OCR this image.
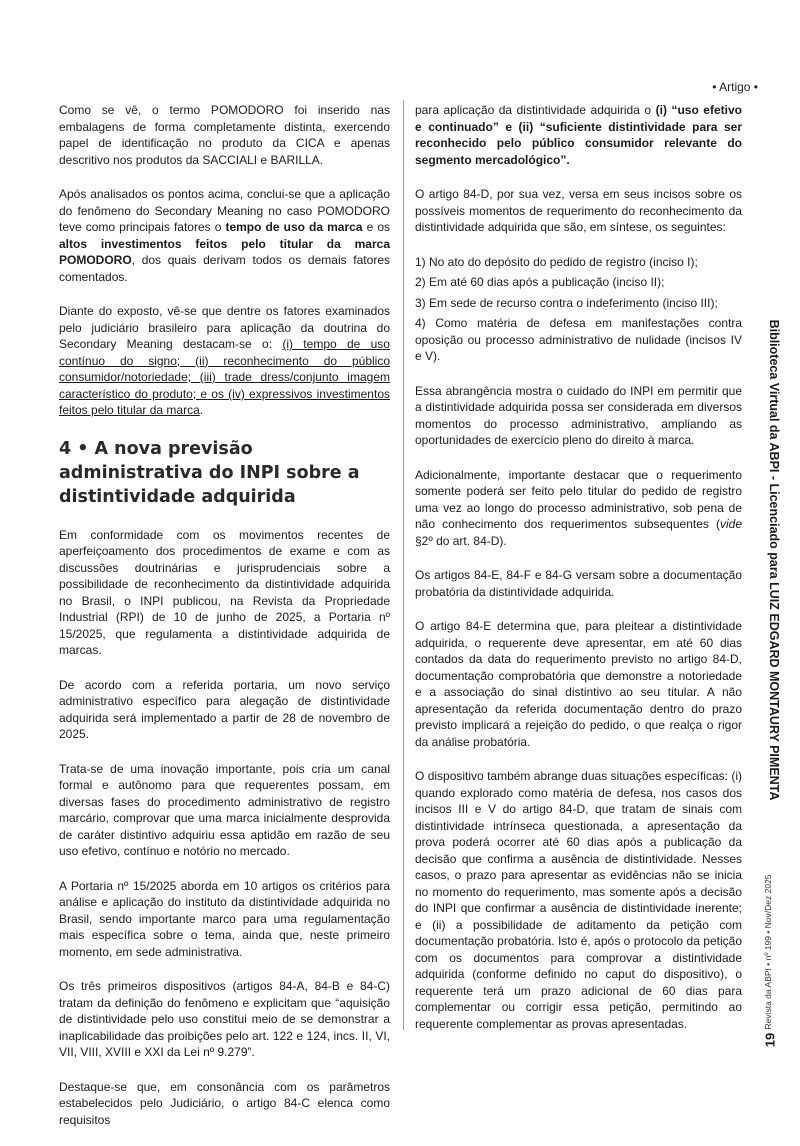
• Artigo •

Como se vê, o termo POMODORO foi inserido nas embalagens de forma completamente distinta, exercendo papel de identificação no produto da CICA e apenas descritivo nos produtos da SACCIALI e BARILLA.

Após analisados os pontos acima, conclui-se que a aplicação do fenômeno do Secondary Meaning no caso POMODORO teve como principais fatores o tempo de uso da marca e os altos investimentos feitos pelo titular da marca POMODORO, dos quais derivam todos os demais fatores comentados.

Diante do exposto, vê-se que dentre os fatores examinados pelo judiciário brasileiro para aplicação da doutrina do Secondary Meaning destacam-se o: (i) tempo de uso contínuo do signo; (ii) reconhecimento do público consumidor/notoriedade; (iii) trade dress/conjunto imagem característico do produto; e os (iv) expressivos investimentos feitos pelo titular da marca.

4 • A nova previsão administrativa do INPI sobre a distintividade adquirida

Em conformidade com os movimentos recentes de aperfeiçoamento dos procedimentos de exame e com as discussões doutrinárias e jurisprudenciais sobre a possibilidade de reconhecimento da distintividade adquirida no Brasil, o INPI publicou, na Revista da Propriedade Industrial (RPI) de 10 de junho de 2025, a Portaria nº 15/2025, que regulamenta a distintividade adquirida de marcas.

De acordo com a referida portaria, um novo serviço administrativo específico para alegação de distintividade adquirida será implementado a partir de 28 de novembro de 2025.

Trata-se de uma inovação importante, pois cria um canal formal e autônomo para que requerentes possam, em diversas fases do procedimento administrativo de registro marcário, comprovar que uma marca inicialmente desprovida de caráter distintivo adquiriu essa aptidão em razão de seu uso efetivo, contínuo e notório no mercado.

A Portaria nº 15/2025 aborda em 10 artigos os critérios para análise e aplicação do instituto da distintividade adquirida no Brasil, sendo importante marco para uma regulamentação mais específica sobre o tema, ainda que, neste primeiro momento, em sede administrativa.

Os três primeiros dispositivos (artigos 84-A, 84-B e 84-C) tratam da definição do fenômeno e explicitam que “aquisição de distintividade pelo uso constitui meio de se demonstrar a inaplicabilidade das proibições pelo art. 122 e 124, incs. II, VI, VII, VIII, XVIII e XXI da Lei nº 9.279”.

Destaque-se que, em consonância com os parâmetros estabelecidos pelo Judiciário, o artigo 84-C elenca como requisitos

para aplicação da distintividade adquirida o (i) “uso efetivo e continuado” e (ii) “suficiente distintividade para ser reconhecido pelo público consumidor relevante do segmento mercadológico”.

O artigo 84-D, por sua vez, versa em seus incisos sobre os possíveis momentos de requerimento do reconhecimento da distintividade adquirida que são, em síntese, os seguintes:

1) No ato do depósito do pedido de registro (inciso I);

2) Em até 60 dias após a publicação (inciso II);

3) Em sede de recurso contra o indeferimento (inciso III);

4) Como matéria de defesa em manifestações contra oposição ou processo administrativo de nulidade (incisos IV e V).

Essa abrangência mostra o cuidado do INPI em permitir que a distintividade adquirida possa ser considerada em diversos momentos do processo administrativo, ampliando as oportunidades de exercício pleno do direito à marca.

Adicionalmente, importante destacar que o requerimento somente poderá ser feito pelo titular do pedido de registro uma vez ao longo do processo administrativo, sob pena de não conhecimento dos requerimentos subsequentes (vide §2º do art. 84-D).

Os artigos 84-E, 84-F e 84-G versam sobre a documentação probatória da distintividade adquirida.

O artigo 84-E determina que, para pleitear a distintividade adquirida, o requerente deve apresentar, em até 60 dias contados da data do requerimento previsto no artigo 84-D, documentação comprobatória que demonstre a notoriedade e a associação do sinal distintivo ao seu titular. A não apresentação da referida documentação dentro do prazo previsto implicará a rejeição do pedido, o que realça o rigor da análise probatória.

O dispositivo também abrange duas situações específicas: (i) quando explorado como matéria de defesa, nos casos dos incisos III e V do artigo 84-D, que tratam de sinais com distintividade intrínseca questionada, a apresentação da prova poderá ocorrer até 60 dias após a publicação da decisão que confirma a ausência de distintividade. Nesses casos, o prazo para apresentar as evidências não se inicia no momento do requerimento, mas somente após a decisão do INPI que confirmar a ausência de distintividade inerente; e (ii) a possibilidade de aditamento da petição com documentação probatória. Isto é, após o protocolo da petição com os documentos para comprovar a distintividade adquirida (conforme definido no caput do dispositivo), o requerente terá um prazo adicional de 60 dias para complementar ou corrigir essa petição, permitindo ao requerente complementar as provas apresentadas.

Biblioteca Virtual da ABPI - Licenciado para LUIZ EDGARD MONTAURY PIMENTA
Revista da ABPI • nº 199 • Nov/Dez 2025
19
